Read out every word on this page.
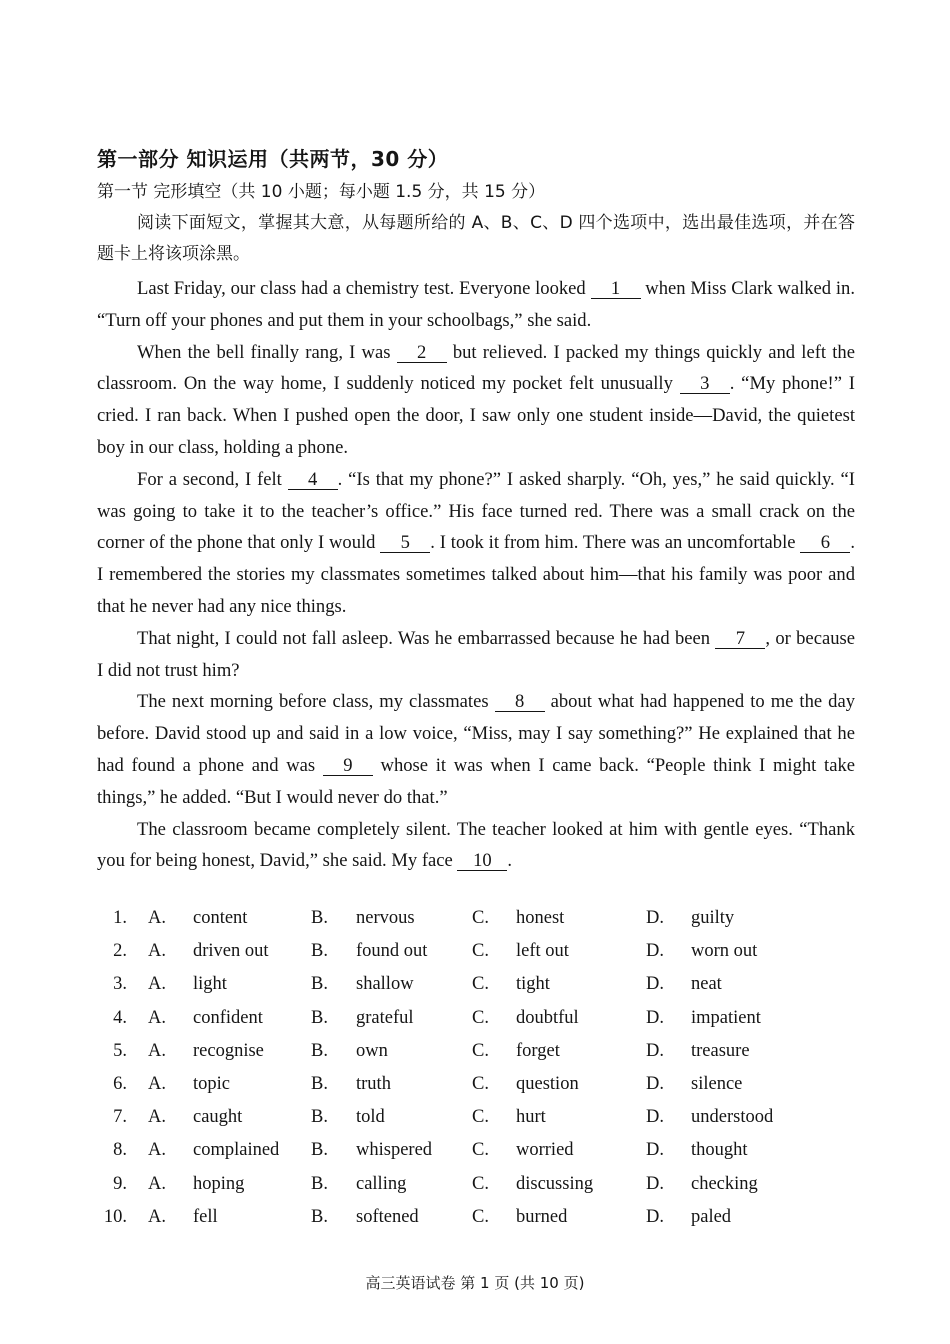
第一部分 知识运用（共两节，30 分）
第一节 完形填空（共 10 小题；每小题 1.5 分，共 15 分）
阅读下面短文，掌握其大意，从每题所给的 A、B、C、D 四个选项中，选出最佳选项，并在答题卡上将该项涂黑。

Last Friday, our class had a chemistry test. Everyone looked 1 when Miss Clark walked in. “Turn off your phones and put them in your schoolbags,” she said.

When the bell finally rang, I was 2 but relieved. I packed my things quickly and left the classroom. On the way home, I suddenly noticed my pocket felt unusually 3 . “My phone!” I cried. I ran back. When I pushed open the door, I saw only one student inside—David, the quietest boy in our class, holding a phone.

For a second, I felt 4 . “Is that my phone?” I asked sharply. “Oh, yes,” he said quickly. “I was going to take it to the teacher’s office.” His face turned red. There was a small crack on the corner of the phone that only I would 5 . I took it from him. There was an uncomfortable 6 . I remembered the stories my classmates sometimes talked about him—that his family was poor and that he never had any nice things.

That night, I could not fall asleep. Was he embarrassed because he had been 7 , or because I did not trust him?

The next morning before class, my classmates 8 about what had happened to me the day before. David stood up and said in a low voice, “Miss, may I say something?” He explained that he had found a phone and was 9 whose it was when I came back. “People think I might take things,” he added. “But I would never do that.”

The classroom became completely silent. The teacher looked at him with gentle eyes. “Thank you for being honest, David,” she said. My face 10 .

1. A. content	B. nervous	C. honest	D. guilty
2. A. driven out B. found out C. left out	D. worn out
3. A. light	B. shallow	C. tight	D. neat
4. A. confident	B. grateful	C. doubtful	D. impatient
5. A. recognise	B. own	C. forget	D. treasure
6. A. topic	B. truth	C. question	D. silence
7. A. caught	B. told	C. hurt	D. understood
8. A. complained B. whispered C. worried	D. thought
9. A. hoping	B. calling	C. discussing	D. checking
10. A. fell	B. softened	C. burned	D. paled
高三英语试卷 第 1 页 (共 10 页)
